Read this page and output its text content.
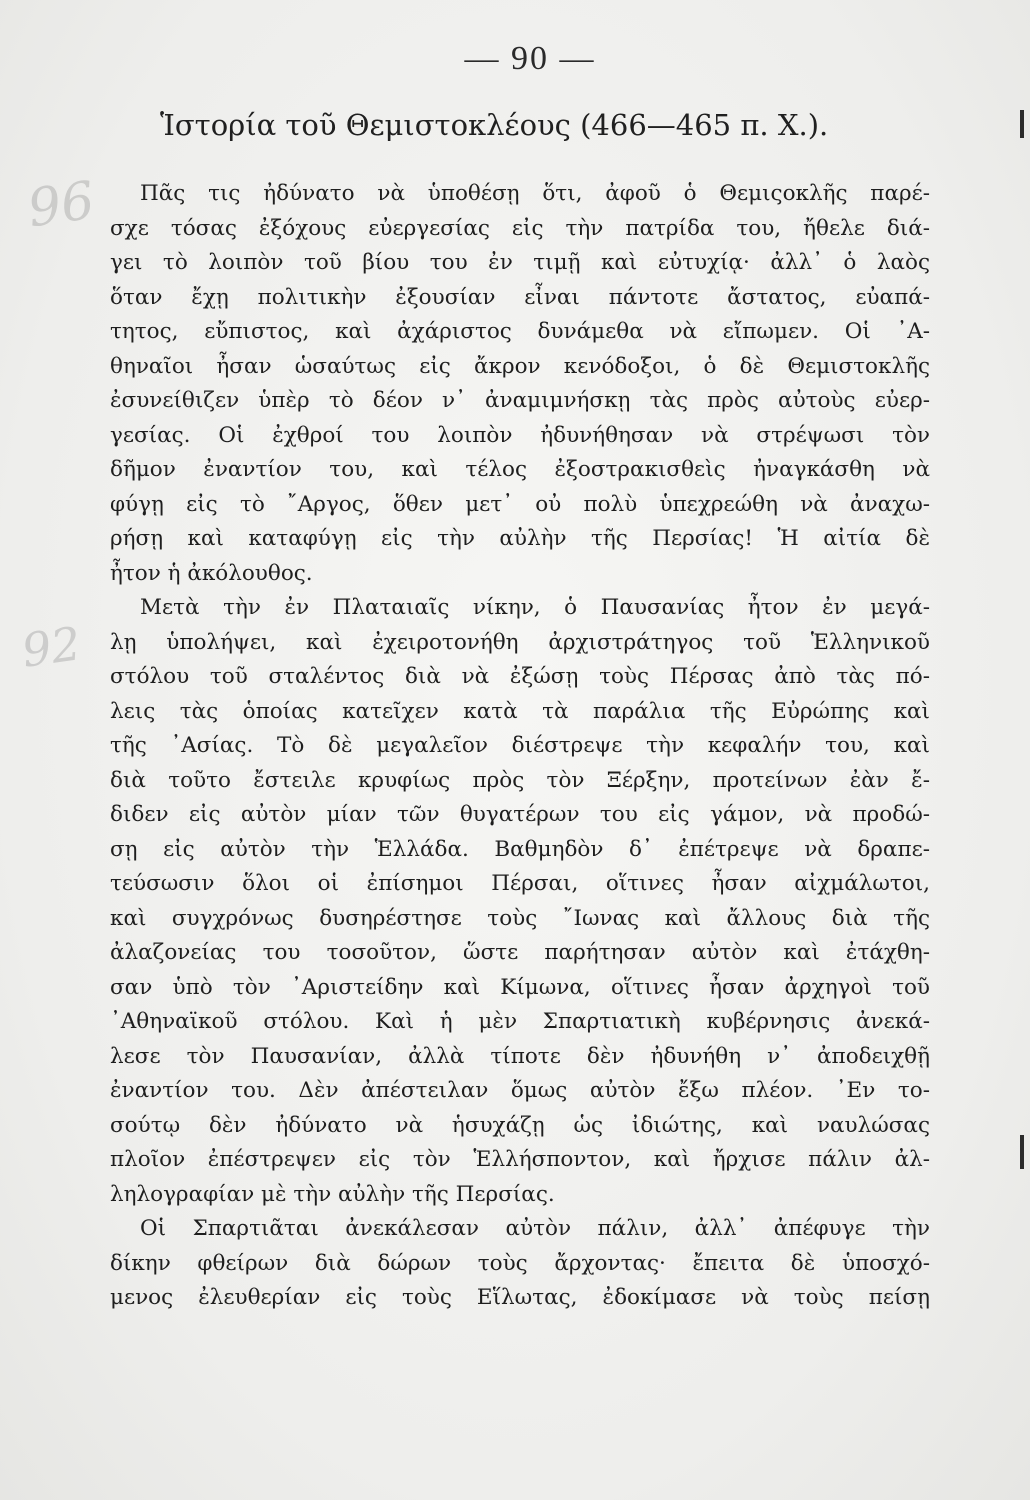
96
92
— 90 —
Ἱστορία τοῦ Θεμιστοκλέους (466—465 π. Χ.).
Πᾶς τις ἠδύνατο νὰ ὑποθέσῃ ὅτι, ἀφοῦ ὁ Θεμιςοκλῆς παρέ-
σχε τόσας ἐξόχους εὐεργεσίας εἰς τὴν πατρίδα του, ἤθελε διά-
γει τὸ λοιπὸν τοῦ βίου του ἐν τιμῇ καὶ εὐτυχίᾳ· ἀλλ᾽ ὁ λαὸς
ὅταν ἔχῃ πολιτικὴν ἐξουσίαν εἶναι πάντοτε ἄστατος, εὐαπά-
τητος, εὔπιστος, καὶ ἀχάριστος δυνάμεθα νὰ εἴπωμεν. Οἱ ᾽Α-
θηναῖοι ἦσαν ὡσαύτως εἰς ἄκρον κενόδοξοι, ὁ δὲ Θεμιστοκλῆς
ἐσυνείθιζεν ὑπὲρ τὸ δέον ν᾽ ἀναμιμνήσκῃ τὰς πρὸς αὐτοὺς εὐερ-
γεσίας. Οἱ ἐχθροί του λοιπὸν ἠδυνήθησαν νὰ στρέψωσι τὸν
δῆμον ἐναντίον του, καὶ τέλος ἐξοστρακισθεὶς ἠναγκάσθη νὰ
φύγῃ εἰς τὸ ῎Αργος, ὅθεν μετ᾽ οὐ πολὺ ὑπεχρεώθη νὰ ἀναχω-
ρήσῃ καὶ καταφύγῃ εἰς τὴν αὐλὴν τῆς Περσίας! Ἡ αἰτία δὲ
ἦτον ἡ ἀκόλουθος.
Μετὰ τὴν ἐν Πλαταιαῖς νίκην, ὁ Παυσανίας ἦτον ἐν μεγά-
λῃ ὑπολήψει, καὶ ἐχειροτονήθη ἀρχιστράτηγος τοῦ Ἑλληνικοῦ
στόλου τοῦ σταλέντος διὰ νὰ ἐξώσῃ τοὺς Πέρσας ἀπὸ τὰς πό-
λεις τὰς ὁποίας κατεῖχεν κατὰ τὰ παράλια τῆς Εὐρώπης καὶ
τῆς ᾽Ασίας. Τὸ δὲ μεγαλεῖον διέστρεψε τὴν κεφαλήν του, καὶ
διὰ τοῦτο ἔστειλε κρυφίως πρὸς τὸν Ξέρξην, προτείνων ἐὰν ἔ-
διδεν εἰς αὐτὸν μίαν τῶν θυγατέρων του εἰς γάμον, νὰ προδώ-
σῃ εἰς αὐτὸν τὴν Ἑλλάδα. Βαθμηδὸν δ᾽ ἐπέτρεψε νὰ δραπε-
τεύσωσιν ὅλοι οἱ ἐπίσημοι Πέρσαι, οἵτινες ἦσαν αἰχμάλωτοι,
καὶ συγχρόνως δυσηρέστησε τοὺς ῎Ιωνας καὶ ἄλλους διὰ τῆς
ἀλαζονείας του τοσοῦτον, ὥστε παρήτησαν αὐτὸν καὶ ἐτάχθη-
σαν ὑπὸ τὸν ᾽Αριστείδην καὶ Κίμωνα, οἵτινες ἦσαν ἀρχηγοὶ τοῦ
᾽Αθηναϊκοῦ στόλου. Καὶ ἡ μὲν Σπαρτιατικὴ κυβέρνησις ἀνεκά-
λεσε τὸν Παυσανίαν, ἀλλὰ τίποτε δὲν ἠδυνήθη ν᾽ ἀποδειχθῇ
ἐναντίον του. Δὲν ἀπέστειλαν ὅμως αὐτὸν ἔξω πλέον. ᾽Εν το-
σούτῳ δὲν ἠδύνατο νὰ ἡσυχάζῃ ὡς ἰδιώτης, καὶ ναυλώσας
πλοῖον ἐπέστρεψεν εἰς τὸν Ἑλλήσποντον, καὶ ἤρχισε πάλιν ἀλ-
ληλογραφίαν μὲ τὴν αὐλὴν τῆς Περσίας.
Οἱ Σπαρτιᾶται ἀνεκάλεσαν αὐτὸν πάλιν, ἀλλ᾽ ἀπέφυγε τὴν
δίκην φθείρων διὰ δώρων τοὺς ἄρχοντας· ἔπειτα δὲ ὑποσχό-
μενος ἐλευθερίαν εἰς τοὺς Εἵλωτας, ἐδοκίμασε νὰ τοὺς πείσῃ
